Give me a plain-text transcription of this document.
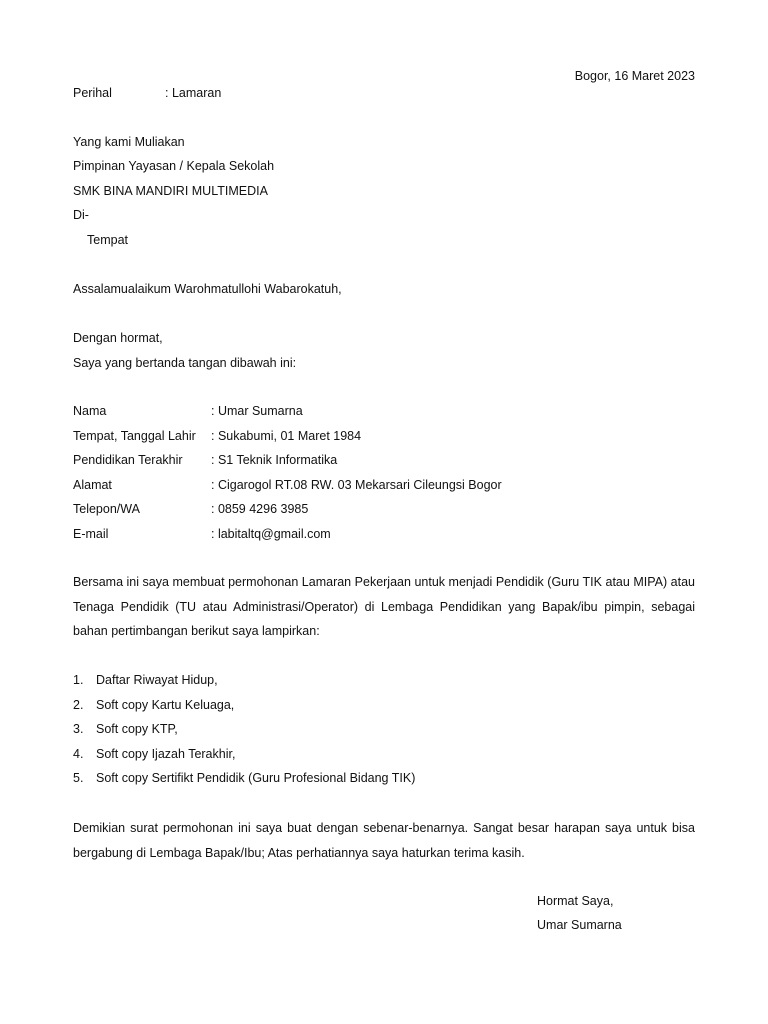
Bogor, 16 Maret 2023
Perihal	: Lamaran
Yang kami Muliakan
Pimpinan Yayasan / Kepala Sekolah
SMK BINA MANDIRI MULTIMEDIA
Di-
Tempat
Assalamualaikum Warohmatullohi Wabarokatuh,
Dengan hormat,
Saya yang bertanda tangan dibawah ini:
Nama	: Umar Sumarna
Tempat, Tanggal Lahir : Sukabumi, 01 Maret 1984
Pendidikan Terakhir : S1 Teknik Informatika
Alamat	: Cigarogol RT.08 RW. 03 Mekarsari Cileungsi Bogor
Telepon/WA	: 0859 4296 3985
E-mail	: labitaltq@gmail.com
Bersama ini saya membuat permohonan Lamaran Pekerjaan untuk menjadi Pendidik (Guru TIK atau MIPA) atau Tenaga Pendidik (TU atau Administrasi/Operator) di Lembaga Pendidikan yang Bapak/ibu pimpin, sebagai bahan pertimbangan berikut saya lampirkan:
1. Daftar Riwayat Hidup,
2. Soft copy Kartu Keluaga,
3. Soft copy KTP,
4. Soft copy Ijazah Terakhir,
5. Soft copy Sertifikt Pendidik (Guru Profesional Bidang TIK)
Demikian surat permohonan ini saya buat dengan sebenar-benarnya. Sangat besar harapan saya untuk bisa bergabung di Lembaga Bapak/Ibu; Atas perhatiannya saya haturkan terima kasih.
Hormat Saya,
Umar Sumarna
